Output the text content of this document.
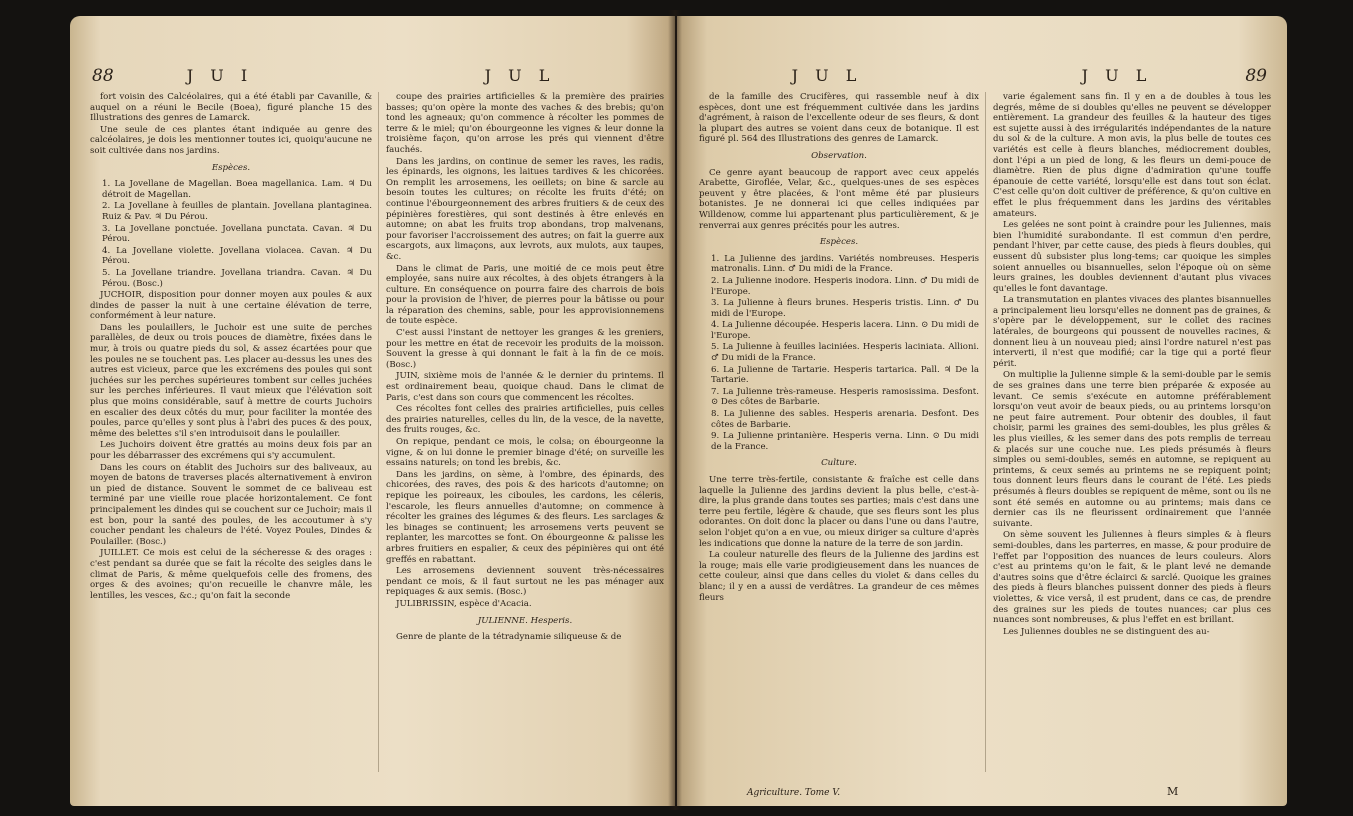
88	J U I	J U L

fort voisin des Calcéolaires, qui a été établi par Cavanille, & auquel on a réuni le Becile (Boea), figuré planche 15 des Illustrations des genres de Lamarck.

Une seule de ces plantes étant indiquée au genre des calcéolaires, je dois les mentionner toutes ici, quoiqu'aucune ne soit cultivée dans nos jardins.

Espèces.

1. La Jovellane de Magellan. Boea magellanica. Lam. ♃ Du détroit de Magellan.

2. La Jovellane à feuilles de plantain. Jovellana plantaginea. Ruiz & Pav. ♃ Du Pérou.

3. La Jovellane ponctuée. Jovellana punctata. Cavan. ♃ Du Pérou.

4. La Jovellane violette. Jovellana violacea. Cavan. ♃ Du Pérou.

5. La Jovellane triandre. Jovellana triandra. Cavan. ♃ Du Pérou. (Bosc.)

JUCHOIR, disposition pour donner moyen aux poules & aux dindes de passer la nuit à une certaine élévation de terre, conformément à leur nature.

Dans les poulaillers, le Juchoir est une suite de perches parallèles, de deux ou trois pouces de diamètre, fixées dans le mur, à trois ou quatre pieds du sol, & assez écartées pour que les poules ne se touchent pas. Les placer au-dessus les unes des autres est vicieux, parce que les excrémens des poules qui sont juchées sur les perches supérieures tombent sur celles juchées sur les perches inférieures. Il vaut mieux que l'élévation soit plus que moins considérable, sauf à mettre de courts Juchoirs en escalier des deux côtés du mur, pour faciliter la montée des poules, parce qu'elles y sont plus à l'abri des puces & des poux, même des belettes s'il s'en introduisoit dans le poulailler.

Les Juchoirs doivent être grattés au moins deux fois par an pour les débarrasser des excrémens qui s'y accumulent.

Dans les cours on établit des Juchoirs sur des baliveaux, au moyen de batons de traverses placés alternativement à environ un pied de distance. Souvent le sommet de ce baliveau est terminé par une vieille roue placée horizontalement. Ce font principalement les dindes qui se couchent sur ce Juchoir; mais il est bon, pour la santé des poules, de les accoutumer à s'y coucher pendant les chaleurs de l'été. Voyez Poules, Dindes & Poulailler. (Bosc.)

JUILLET. Ce mois est celui de la sécheresse & des orages : c'est pendant sa durée que se fait la récolte des seigles dans le climat de Paris, & même quelquefois celle des fromens, des orges & des avoines; qu'on recueille le chanvre mâle, les lentilles, les vesces, &c.; qu'on fait la seconde

coupe des prairies artificielles & la première des prairies basses; qu'on opère la monte des vaches & des brebis; qu'on tond les agneaux; qu'on commence à récolter les pommes de terre & le miel; qu'on ébourgeonne les vignes & leur donne la troisième façon, qu'on arrose les prés qui viennent d'être fauchés.

Dans les jardins, on continue de semer les raves, les radis, les épinards, les oignons, les laitues tardives & les chicorées. On remplit les arrosemens, les oeillets; on bine & sarcle au besoin toutes les cultures; on récolte les fruits d'été; on continue l'ébourgeonnement des arbres fruitiers & de ceux des pépinières forestières, qui sont destinés à être enlevés en automne; on abat les fruits trop abondans, trop malvenans, pour favoriser l'accroissement des autres; on fait la guerre aux escargots, aux limaçons, aux levrots, aux mulots, aux taupes, &c.

Dans le climat de Paris, une moitié de ce mois peut être employée, sans nuire aux récoltes, à des objets étrangers à la culture. En conséquence on pourra faire des charrois de bois pour la provision de l'hiver, de pierres pour la bâtisse ou pour la réparation des chemins, sable, pour les approvisionnemens de toute espèce.

C'est aussi l'instant de nettoyer les granges & les greniers, pour les mettre en état de recevoir les produits de la moisson. Souvent la gresse à qui donnant le fait à la fin de ce mois. (Bosc.)

JUIN, sixième mois de l'année & le dernier du printems. Il est ordinairement beau, quoique chaud. Dans le climat de Paris, c'est dans son cours que commencent les récoltes.

Ces récoltes font celles des prairies artificielles, puis celles des prairies naturelles, celles du lin, de la vesce, de la navette, des fruits rouges, &c.

On repique, pendant ce mois, le colsa; on ébourgeonne la vigne, & on lui donne le premier binage d'été; on surveille les essains naturels; on tond les brebis, &c.

Dans les jardins, on sème, à l'ombre, des épinards, des chicorées, des raves, des pois & des haricots d'automne; on repique les poireaux, les ciboules, les cardons, les céleris, l'escarole, les fleurs annuelles d'automne; on commence à récolter les graines des légumes & des fleurs. Les sarclages & les binages se continuent; les arrosemens verts peuvent se replanter, les marcottes se font. On ébourgeonne & palisse les arbres fruitiers en espalier, & ceux des pépinières qui ont été greffés en rabattant.

Les arrosemens deviennent souvent très-nécessaires pendant ce mois, & il faut surtout ne les pas ménager aux repiquages & aux semis. (Bosc.)

JULIBRISSIN, espèce d'Acacia.

JULIENNE. Hesperis.

Genre de plante de la tétradynamie siliqueuse & de

J U L	J U L	89

de la famille des Crucifères, qui rassemble neuf à dix espèces, dont une est fréquemment cultivée dans les jardins d'agrément, à raison de l'excellente odeur de ses fleurs, & dont la plupart des autres se voient dans ceux de botanique. Il est figuré pl. 564 des Illustrations des genres de Lamarck.

Observation.

Ce genre ayant beaucoup de rapport avec ceux appelés Arabette, Giroflée, Velar, &c., quelques-unes de ses espèces peuvent y être placées, & l'ont même été par plusieurs botanistes. Je ne donnerai ici que celles indiquées par Willdenow, comme lui appartenant plus particulièrement, & je renverrai aux genres précités pour les autres.

Espèces.

1. La Julienne des jardins. Variétés nombreuses. Hesperis matronalis. Linn. ♂ Du midi de la France.

2. La Julienne inodore. Hesperis inodora. Linn. ♂ Du midi de l'Europe.

3. La Julienne à fleurs brunes. Hesperis tristis. Linn. ♂ Du midi de l'Europe.

4. La Julienne découpée. Hesperis lacera. Linn. ⊙ Du midi de l'Europe.

5. La Julienne à feuilles laciniées. Hesperis laciniata. Allioni. ♂ Du midi de la France.

6. La Julienne de Tartarie. Hesperis tartarica. Pall. ♃ De la Tartarie.

7. La Julienne très-rameuse. Hesperis ramosissima. Desfont. ⊙ Des côtes de Barbarie.

8. La Julienne des sables. Hesperis arenaria. Desfont. Des côtes de Barbarie.

9. La Julienne printanière. Hesperis verna. Linn. ⊙ Du midi de la France.

Culture.

Une terre très-fertile, consistante & fraîche est celle dans laquelle la Julienne des jardins devient la plus belle, c'est-à-dire, la plus grande dans toutes ses parties; mais c'est dans une terre peu fertile, légère & chaude, que ses fleurs sont les plus odorantes. On doit donc la placer ou dans l'une ou dans l'autre, selon l'objet qu'on a en vue, ou mieux diriger sa culture d'après les indications que donne la nature de la terre de son jardin.

La couleur naturelle des fleurs de la Julienne des jardins est la rouge; mais elle varie prodigieusement dans les nuances de cette couleur, ainsi que dans celles du violet & dans celles du blanc; il y en a aussi de verdâtres. La grandeur de ces mêmes fleurs

Agriculture. Tome V.

varie également sans fin. Il y en a de doubles à tous les degrés, même de si doubles qu'elles ne peuvent se développer entièrement. La grandeur des feuilles & la hauteur des tiges est sujette aussi à des irrégularités indépendantes de la nature du sol & de la culture. A mon avis, la plus belle de toutes ces variétés est celle à fleurs blanches, médiocrement doubles, dont l'épi a un pied de long, & les fleurs un demi-pouce de diamètre. Rien de plus digne d'admiration qu'une touffe épanouie de cette variété, lorsqu'elle est dans tout son éclat. C'est celle qu'on doit cultiver de préférence, & qu'on cultive en effet le plus fréquemment dans les jardins des véritables amateurs.

Les gelées ne sont point à craindre pour les Juliennes, mais bien l'humidité surabondante. Il est commun d'en perdre, pendant l'hiver, par cette cause, des pieds à fleurs doubles, qui eussent dû subsister plus long-tems; car quoique les simples soient annuelles ou bisannuelles, selon l'époque où on sème leurs graines, les doubles deviennent d'autant plus vivaces qu'elles le font davantage.

La transmutation en plantes vivaces des plantes bisannuelles a principalement lieu lorsqu'elles ne donnent pas de graines, & s'opère par le développement, sur le collet des racines latérales, de bourgeons qui poussent de nouvelles racines, & donnent lieu à un nouveau pied; ainsi l'ordre naturel n'est pas interverti, il n'est que modifié; car la tige qui a porté fleur périt.

On multiplie la Julienne simple & la semi-double par le semis de ses graines dans une terre bien préparée & exposée au levant. Ce semis s'exécute en automne préférablement lorsqu'on veut avoir de beaux pieds, ou au printems lorsqu'on ne peut faire autrement. Pour obtenir des doubles, il faut choisir, parmi les graines des semi-doubles, les plus grêles & les plus vieilles, & les semer dans des pots remplis de terreau & placés sur une couche nue. Les pieds présumés à fleurs simples ou semi-doubles, semés en automne, se repiquent au printems, & ceux semés au printems ne se repiquent point; tous donnent leurs fleurs dans le courant de l'été. Les pieds présumés à fleurs doubles se repiquent de même, sont ou ils ne sont été semés en automne ou au printems; mais dans ce dernier cas ils ne fleurissent ordinairement que l'année suivante.

On sème souvent les Juliennes à fleurs simples & à fleurs semi-doubles, dans les parterres, en masse, & pour produire de l'effet par l'opposition des nuances de leurs couleurs. Alors c'est au printems qu'on le fait, & le plant levé ne demande d'autres soins que d'être éclairci & sarclé. Quoique les graines des pieds à fleurs blanches puissent donner des pieds à fleurs violettes, & vice versâ, il est prudent, dans ce cas, de prendre des graines sur les pieds de toutes nuances; car plus ces nuances sont nombreuses, & plus l'effet en est brillant.

Les Juliennes doubles ne se distinguent des au-

M
